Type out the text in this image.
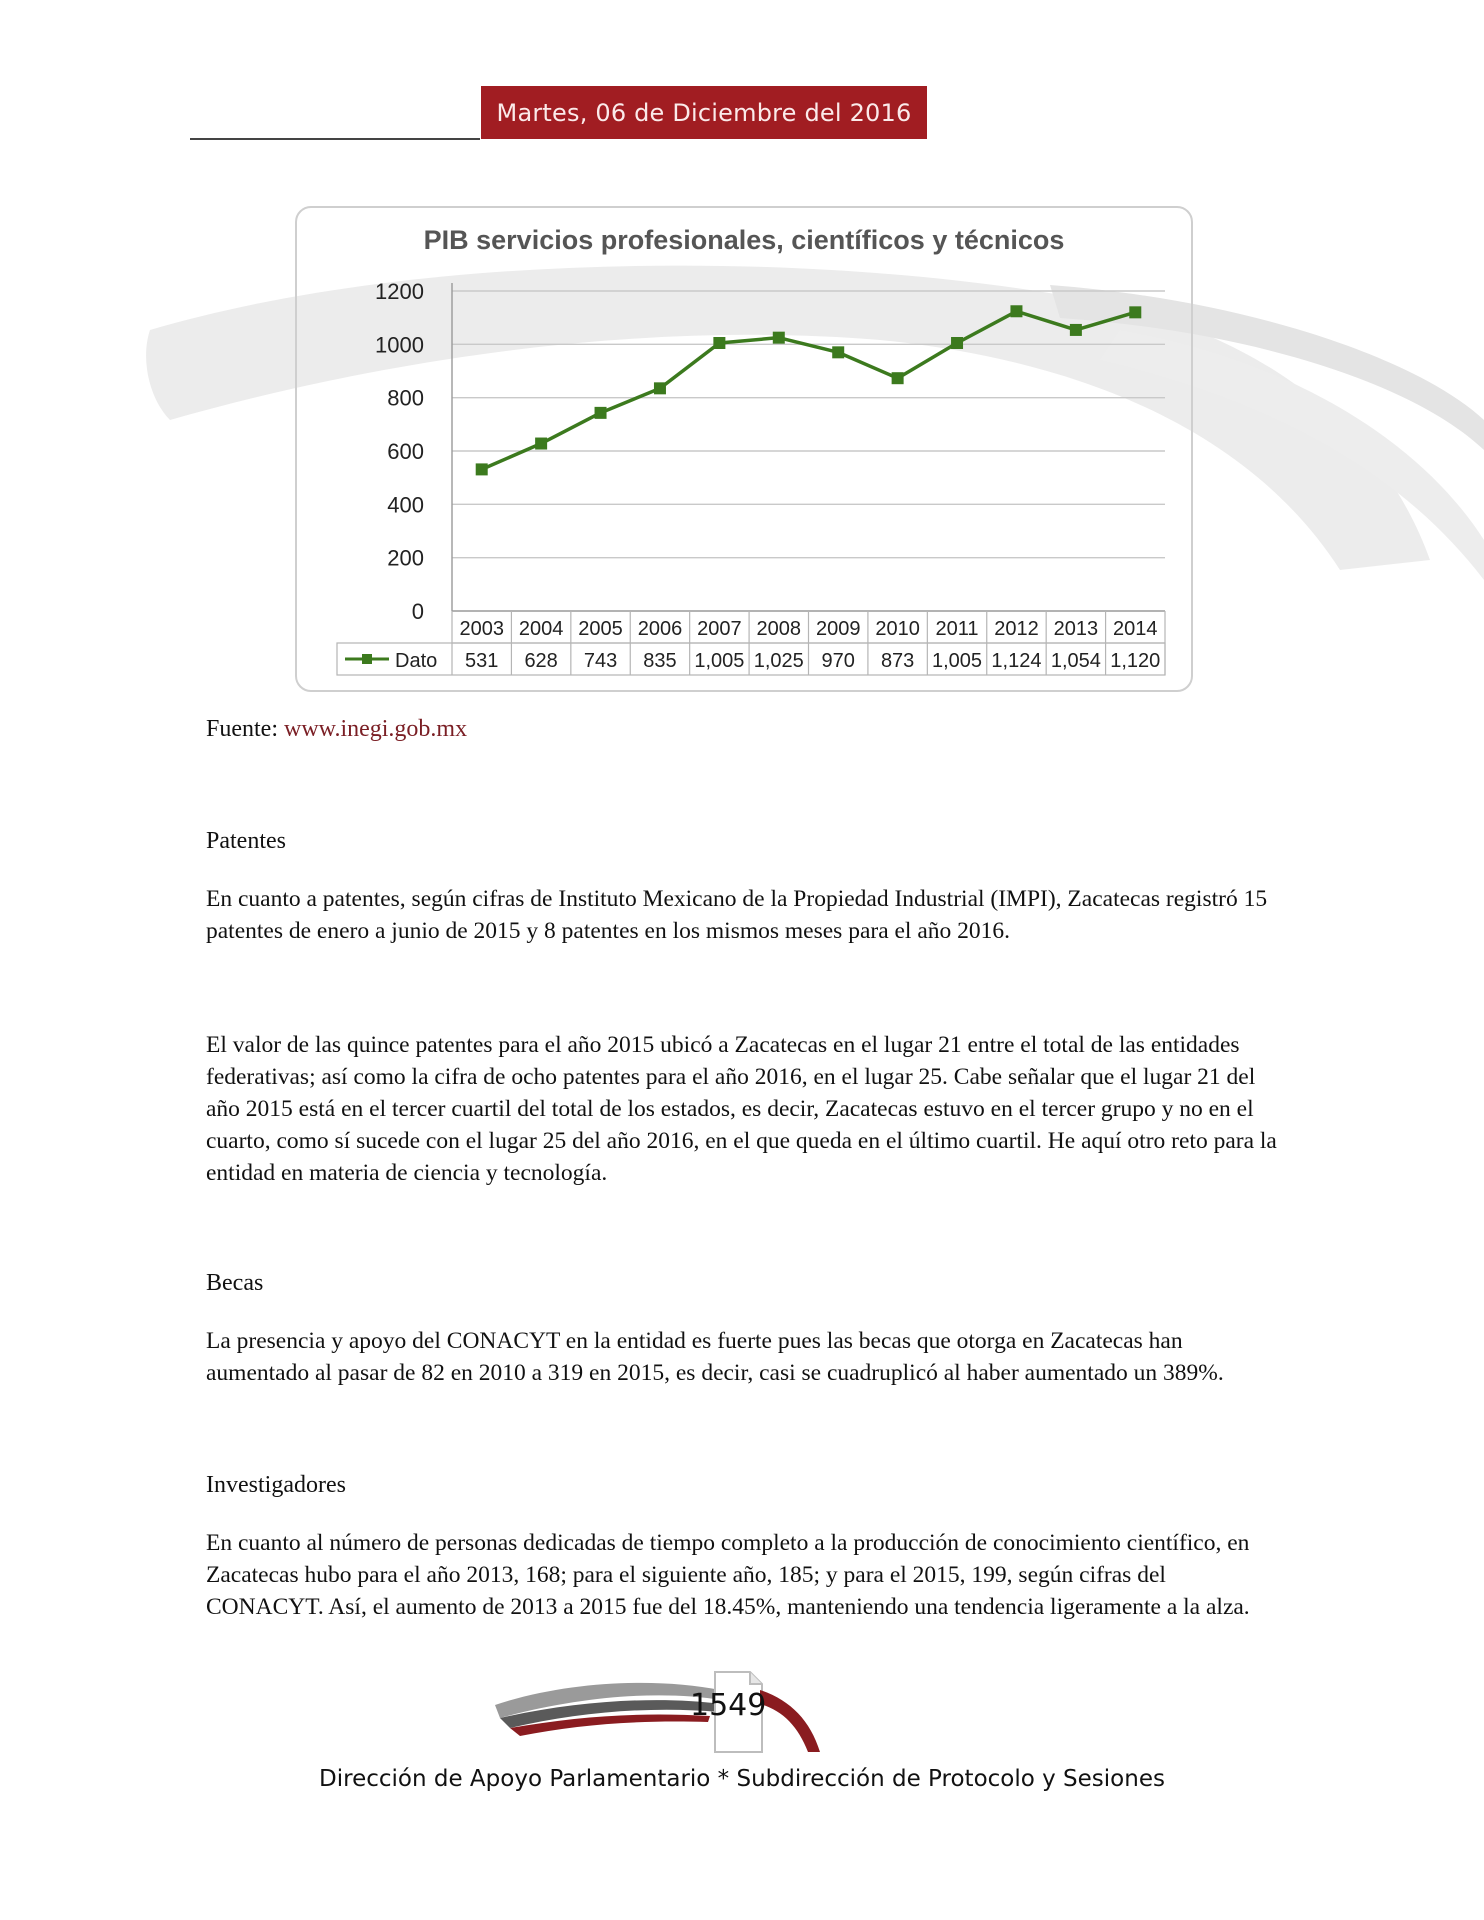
Martes, 06 de Diciembre del 2016
PIB servicios profesionales, científicos y técnicos
1200
1000
800
600
400
200
0
2003 2004 2005 2006 2007 2008 2009 2010 2011 2012 2013 2014
531 628 743 835 1,005 1,025 970 873 1,005 1,124 1,054 1,120
Dato
Fuente: www.inegi.gob.mx
Patentes
En cuanto a patentes, según cifras de Instituto Mexicano de la Propiedad Industrial (IMPI), Zacatecas registró 15 patentes de enero a junio de 2015 y 8 patentes en los mismos meses para el año 2016.
El valor de las quince patentes para el año 2015 ubicó a Zacatecas en el lugar 21 entre el total de las entidades federativas; así como la cifra de ocho patentes para el año 2016, en el lugar 25. Cabe señalar que el lugar 21 del año 2015 está en el tercer cuartil del total de los estados, es decir, Zacatecas estuvo en el tercer grupo y no en el cuarto, como sí sucede con el lugar 25 del año 2016, en el que queda en el último cuartil. He aquí otro reto para la entidad en materia de ciencia y tecnología.
Becas
La presencia y apoyo del CONACYT en la entidad es fuerte pues las becas que otorga en Zacatecas han aumentado al pasar de 82 en 2010 a 319 en 2015, es decir, casi se cuadruplicó al haber aumentado un 389%.
Investigadores
En cuanto al número de personas dedicadas de tiempo completo a la producción de conocimiento científico, en Zacatecas hubo para el año 2013, 168; para el siguiente año, 185; y para el 2015, 199, según cifras del CONACYT. Así, el aumento de 2013 a 2015 fue del 18.45%, manteniendo una tendencia ligeramente a la alza.
1549
Dirección de Apoyo Parlamentario * Subdirección de Protocolo y Sesiones
